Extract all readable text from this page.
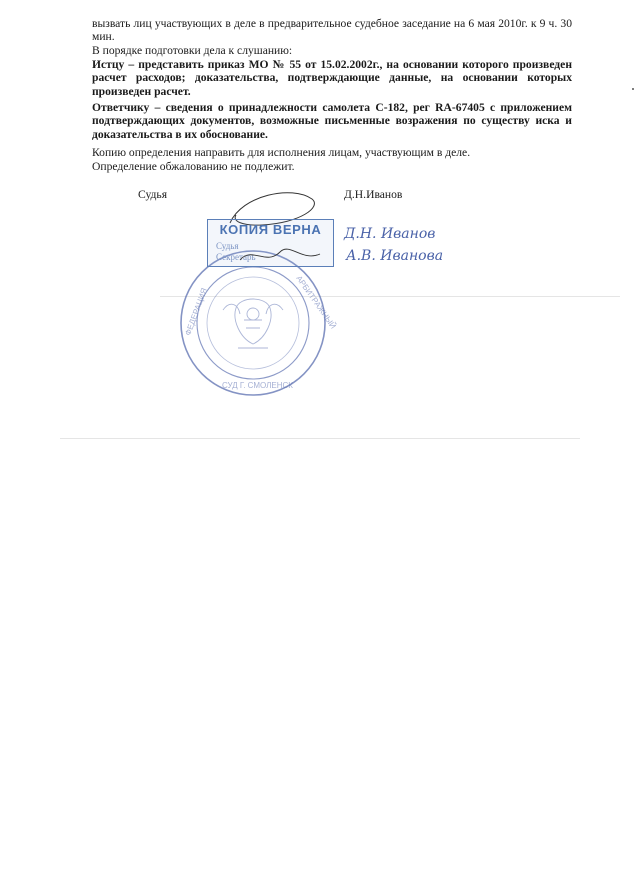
вызвать лиц участвующих в деле в предварительное судебное заседание на 6 мая 2010г. к 9 ч. 30 мин.

В порядке подготовки дела к слушанию:

Истцу – представить приказ МО № 55 от 15.02.2002г., на основании которого произведен расчет расходов; доказательства, подтверждающие данные, на основании которых произведен расчет.

Ответчику – сведения о принадлежности самолета С-182, рег RA-67405 с приложением подтверждающих документов, возможные письменные возражения по существу иска и доказательства в их обоснование.

Копию определения направить для исполнения лицам, участвующим в деле.

Определение обжалованию не подлежит.

Судья	Д.Н.Иванов
ФЕДЕРАЦИЯ	АРБИТРАЖНЫЙ
СУД Г. СМОЛЕНСК
КОПИЯ ВЕРНА
Судья
Секретарь
Д.Н. Иванов
А.В. Иванова
